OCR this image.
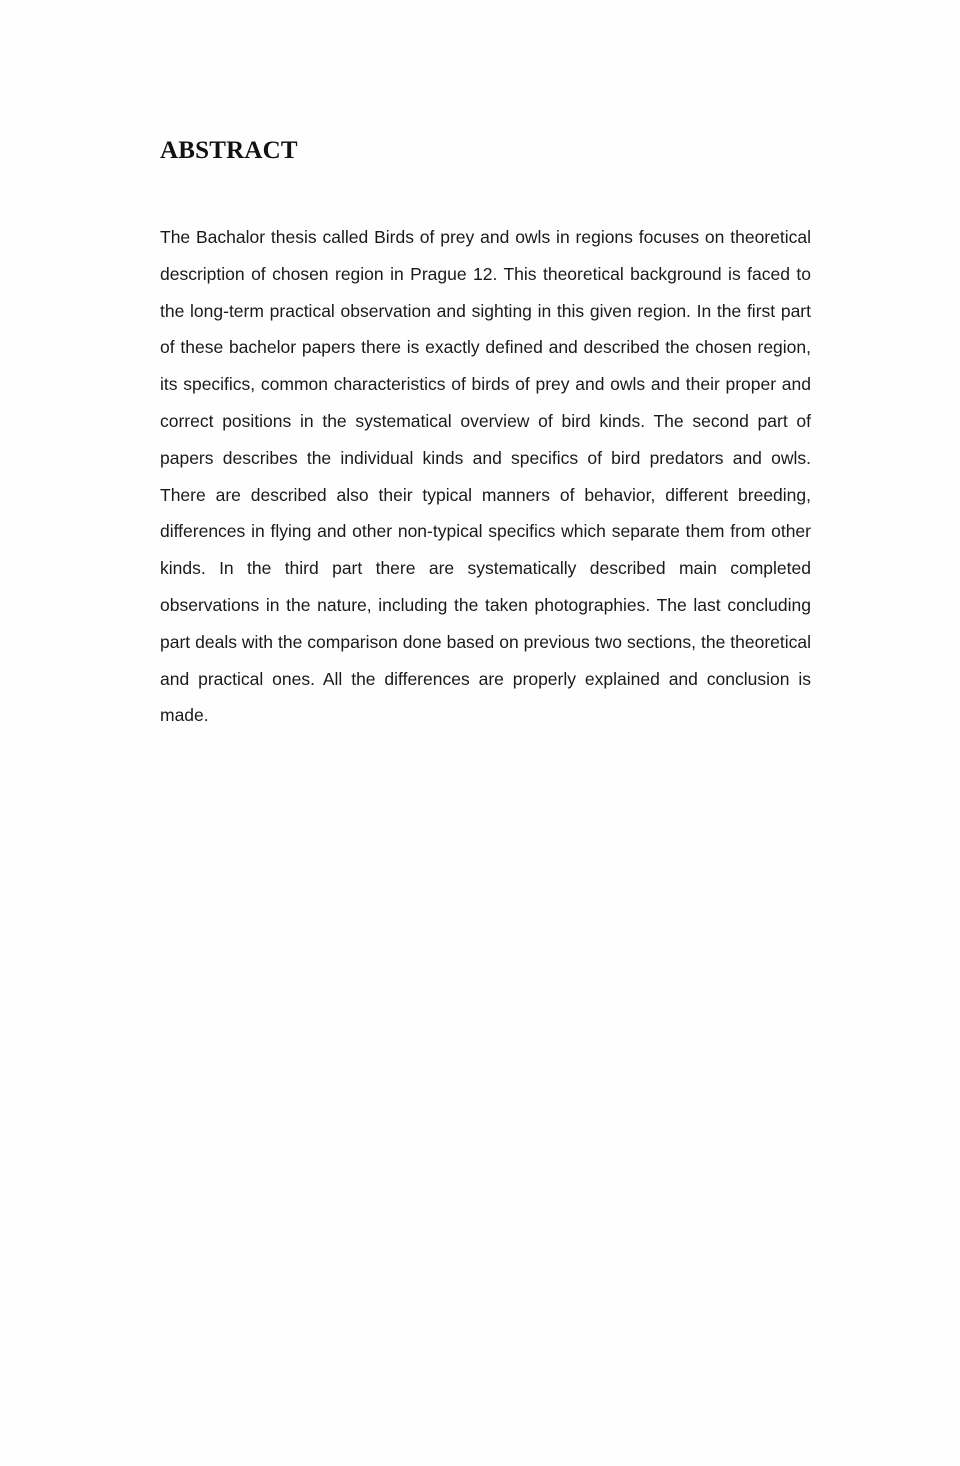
ABSTRACT

The Bachalor thesis called Birds of prey and owls in regions focuses on theoretical description of chosen region in Prague 12. This theoretical background is faced to the long-term practical observation and sighting in this given region. In the first part of these bachelor papers there is exactly defined and described the chosen region, its specifics, common characteristics of birds of prey and owls and their proper and correct positions in the systematical overview of bird kinds. The second part of papers describes the individual kinds and specifics of bird predators and owls. There are described also their typical manners of behavior, different breeding, differences in flying and other non-typical specifics which separate them from other kinds. In the third part there are systematically described main completed observations in the nature, including the taken photographies. The last concluding part deals with the comparison done based on previous two sections, the theoretical and practical ones. All the differences are properly explained and conclusion is made.
